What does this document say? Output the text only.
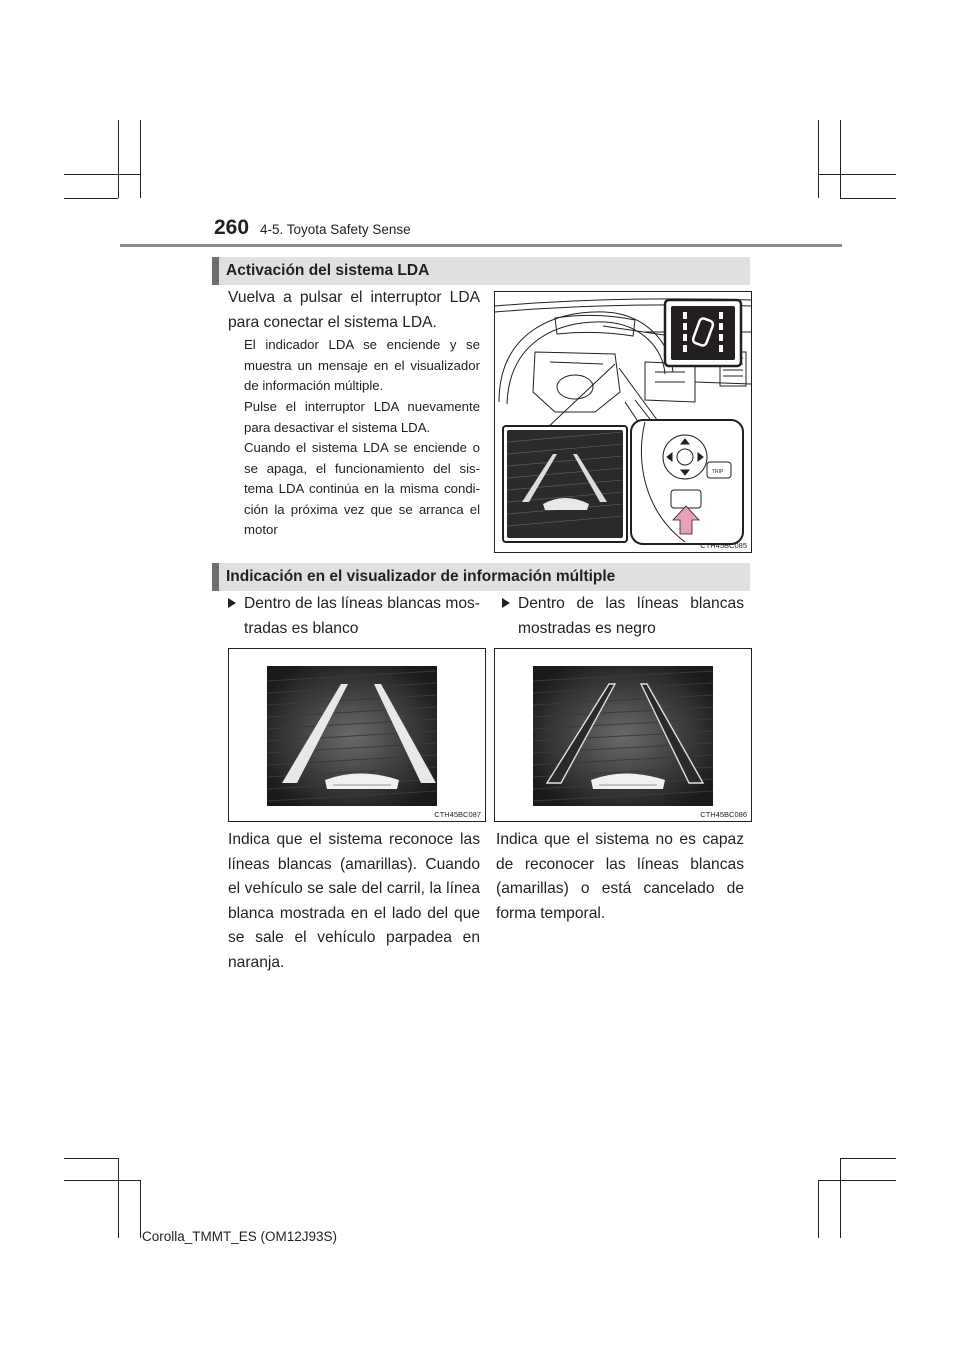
260 4-5. Toyota Safety Sense
Activación del sistema LDA
Vuelva a pulsar el interruptor LDA para conectar el sistema LDA.
El indicador LDA se enciende y se muestra un mensaje en el visualizador de información múltiple.
Pulse el interruptor LDA nuevamente para desactivar el sistema LDA.
Cuando el sistema LDA se enciende o se apaga, el funcionamiento del sis-tema LDA continúa en la misma condi-ción la próxima vez que se arranca el motor
TRIP
CTH45BC085
Indicación en el visualizador de información múltiple
Dentro de las líneas blancas mos-tradas es blanco
Dentro de las líneas blancas mostradas es negro
CTH45BC087	CTH45BC086
Indica que el sistema reconoce las líneas blancas (amarillas). Cuando el vehículo se sale del carril, la línea blanca mostrada en el lado del que se sale el vehículo parpadea en naranja.
Indica que el sistema no es capaz de reconocer las líneas blancas (amarillas) o está cancelado de forma temporal.
Corolla_TMMT_ES (OM12J93S)
